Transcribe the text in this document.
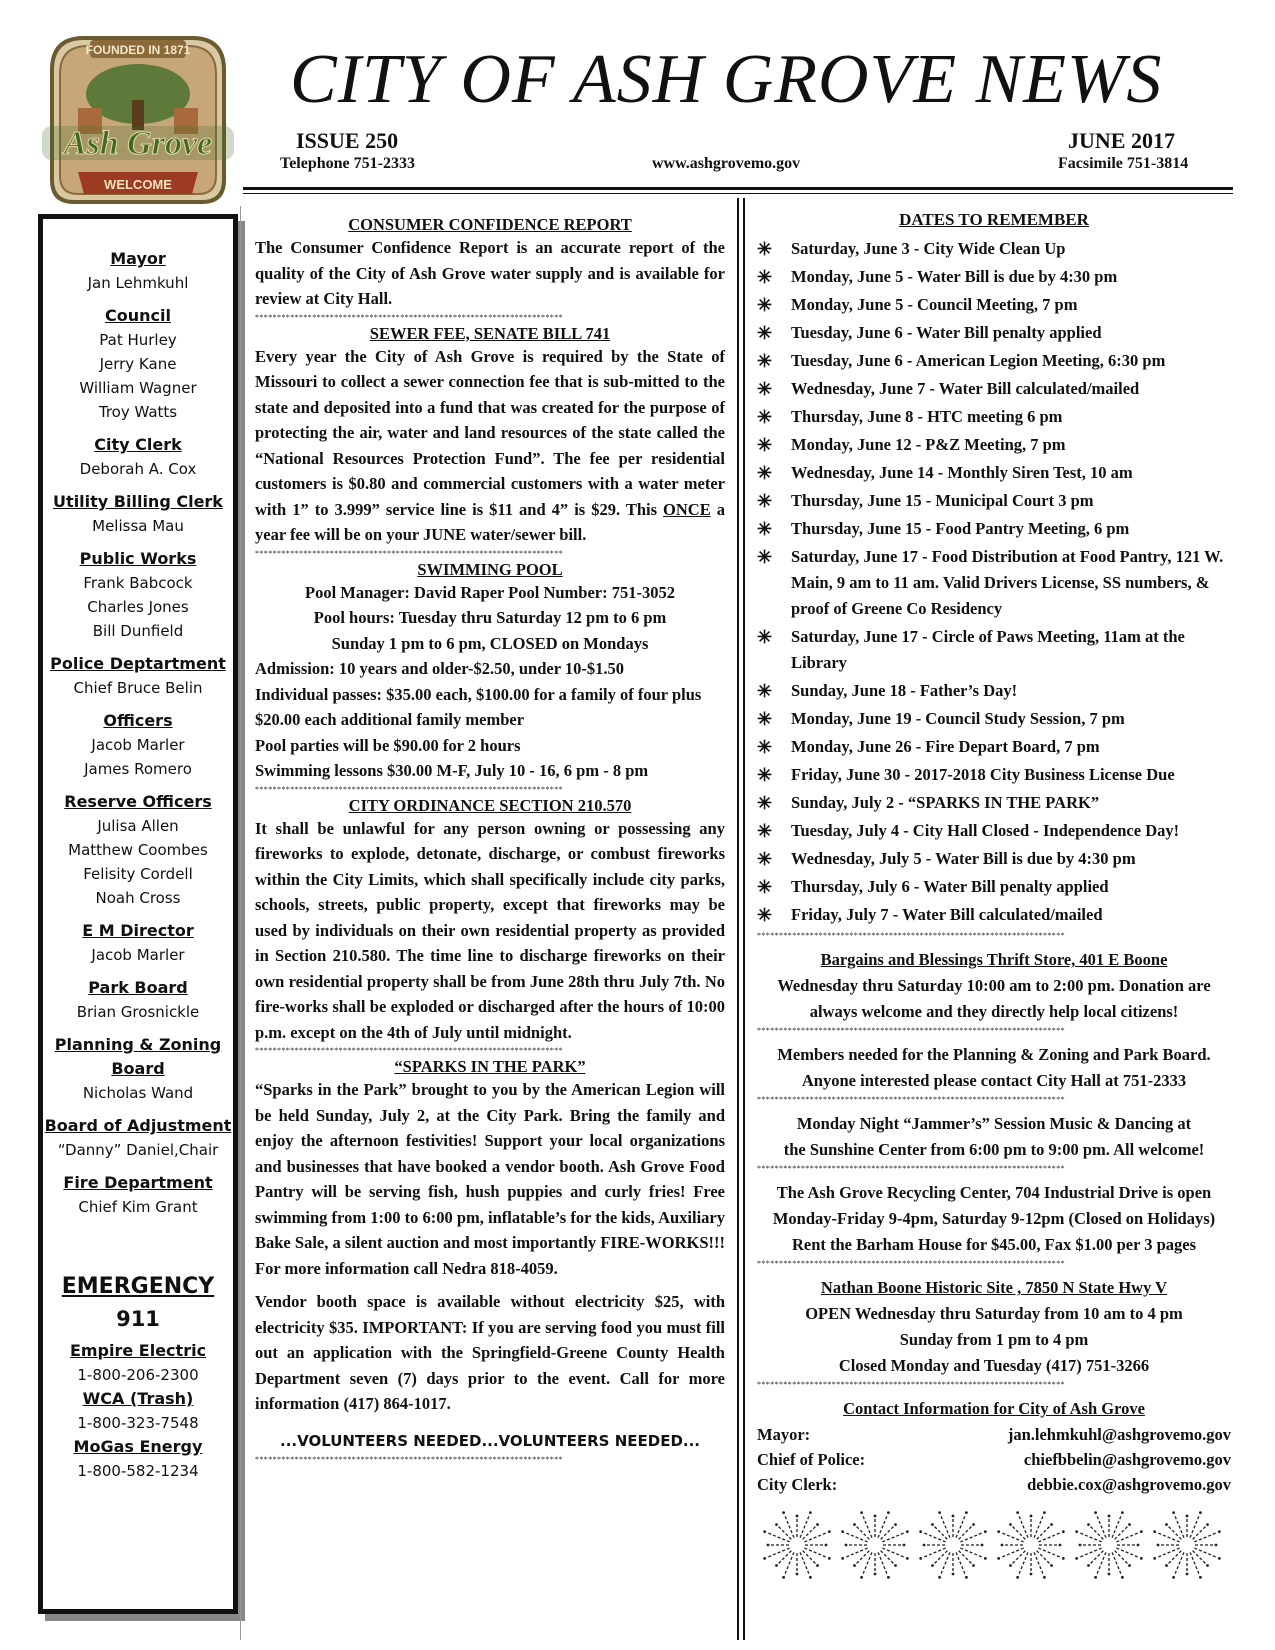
FOUNDED IN 1871
Ash Grove
WELCOME
CITY OF ASH GROVE NEWS
ISSUE 250	JUNE 2017
Telephone 751-2333	www.ashgrovemo.gov	Facsimile 751-3814
Mayor
Jan Lehmkuhl
Council
Pat Hurley
Jerry Kane
William Wagner
Troy Watts
City Clerk
Deborah A. Cox
Utility Billing Clerk
Melissa Mau
Public Works
Frank Babcock
Charles Jones
Bill Dunfield
Police Deptartment
Chief Bruce Belin
Officers
Jacob Marler
James Romero
Reserve Officers
Julisa Allen
Matthew Coombes
Felisity Cordell
Noah Cross
E M Director
Jacob Marler
Park Board
Brian Grosnickle
Planning & Zoning Board
Nicholas Wand
Board of Adjustment
“Danny” Daniel,Chair
Fire Department
Chief Kim Grant
EMERGENCY
911
Empire Electric
1-800-206-2300
WCA (Trash)
1-800-323-7548
MoGas Energy
1-800-582-1234
CONSUMER CONFIDENCE REPORT
The Consumer Confidence Report is an accurate report of the quality of the City of Ash Grove water supply and is available for review at City Hall.
**********************************************************************
SEWER FEE, SENATE BILL 741
Every year the City of Ash Grove is required by the State of Missouri to collect a sewer connection fee that is sub-mitted to the state and deposited into a fund that was created for the purpose of protecting the air, water and land resources of the state called the “National Resources Protection Fund”. The fee per residential customers is $0.80 and commercial customers with a water meter with 1” to 3.999” service line is $11 and 4” is $29. This ONCE a year fee will be on your JUNE water/sewer bill.
**********************************************************************
SWIMMING POOL
Pool Manager: David Raper Pool Number: 751-3052
Pool hours: Tuesday thru Saturday 12 pm to 6 pm
Sunday 1 pm to 6 pm, CLOSED on Mondays
Admission: 10 years and older-$2.50, under 10-$1.50
Individual passes: $35.00 each, $100.00 for a family of four plus $20.00 each additional family member
Pool parties will be $90.00 for 2 hours
Swimming lessons $30.00 M-F, July 10 - 16, 6 pm - 8 pm
**********************************************************************
CITY ORDINANCE SECTION 210.570
It shall be unlawful for any person owning or possessing any fireworks to explode, detonate, discharge, or combust fireworks within the City Limits, which shall specifically include city parks, schools, streets, public property, except that fireworks may be used by individuals on their own residential property as provided in Section 210.580. The time line to discharge fireworks on their own residential property shall be from June 28th thru July 7th. No fire-works shall be exploded or discharged after the hours of 10:00 p.m. except on the 4th of July until midnight.
**********************************************************************
“SPARKS IN THE PARK”
“Sparks in the Park” brought to you by the American Legion will be held Sunday, July 2, at the City Park. Bring the family and enjoy the afternoon festivities! Support your local organizations and businesses that have booked a vendor booth. Ash Grove Food Pantry will be serving fish, hush puppies and curly fries! Free swimming from 1:00 to 6:00 pm, inflatable’s for the kids, Auxiliary Bake Sale, a silent auction and most importantly FIRE-WORKS!!! For more information call Nedra 818-4059.
Vendor booth space is available without electricity $25, with electricity $35. IMPORTANT: If you are serving food you must fill out an application with the Springfield-Greene County Health Department seven (7) days prior to the event. Call for more information (417) 864-1017.
...VOLUNTEERS NEEDED...VOLUNTEERS NEEDED...
**********************************************************************
DATES TO REMEMBER
✳	Saturday, June 3 - City Wide Clean Up
✳	Monday, June 5 - Water Bill is due by 4:30 pm
✳	Monday, June 5 - Council Meeting, 7 pm
✳	Tuesday, June 6 - Water Bill penalty applied
✳	Tuesday, June 6 - American Legion Meeting, 6:30 pm
✳	Wednesday, June 7 - Water Bill calculated/mailed
✳	Thursday, June 8 - HTC meeting 6 pm
✳	Monday, June 12 - P&Z Meeting, 7 pm
✳	Wednesday, June 14 - Monthly Siren Test, 10 am
✳	Thursday, June 15 - Municipal Court 3 pm
✳	Thursday, June 15 - Food Pantry Meeting, 6 pm
✳	Saturday, June 17 - Food Distribution at Food Pantry, 121 W. Main, 9 am to 11 am. Valid Drivers License, SS numbers, & proof of Greene Co Residency
✳	Saturday, June 17 - Circle of Paws Meeting, 11am at the Library
✳	Sunday, June 18 - Father’s Day!
✳	Monday, June 19 - Council Study Session, 7 pm
✳	Monday, June 26 - Fire Depart Board, 7 pm
✳	Friday, June 30 - 2017-2018 City Business License Due
✳	Sunday, July 2 - “SPARKS IN THE PARK”
✳	Tuesday, July 4 - City Hall Closed - Independence Day!
✳	Wednesday, July 5 - Water Bill is due by 4:30 pm
✳	Thursday, July 6 - Water Bill penalty applied
✳	Friday, July 7 - Water Bill calculated/mailed
**********************************************************************
Bargains and Blessings Thrift Store, 401 E Boone
Wednesday thru Saturday 10:00 am to 2:00 pm. Donation are always welcome and they directly help local citizens!
**********************************************************************
Members needed for the Planning & Zoning and Park Board.
Anyone interested please contact City Hall at 751-2333
**********************************************************************
Monday Night “Jammer’s” Session Music & Dancing at
the Sunshine Center from 6:00 pm to 9:00 pm. All welcome!
**********************************************************************
The Ash Grove Recycling Center, 704 Industrial Drive is open
Monday-Friday 9-4pm, Saturday 9-12pm (Closed on Holidays)
Rent the Barham House for $45.00, Fax $1.00 per 3 pages
**********************************************************************
Nathan Boone Historic Site , 7850 N State Hwy V
OPEN Wednesday thru Saturday from 10 am to 4 pm
Sunday from 1 pm to 4 pm
Closed Monday and Tuesday (417) 751-3266
**********************************************************************
Contact Information for City of Ash Grove
Mayor:	jan.lehmkuhl@ashgrovemo.gov
Chief of Police:	chiefbbelin@ashgrovemo.gov
City Clerk:	debbie.cox@ashgrovemo.gov
